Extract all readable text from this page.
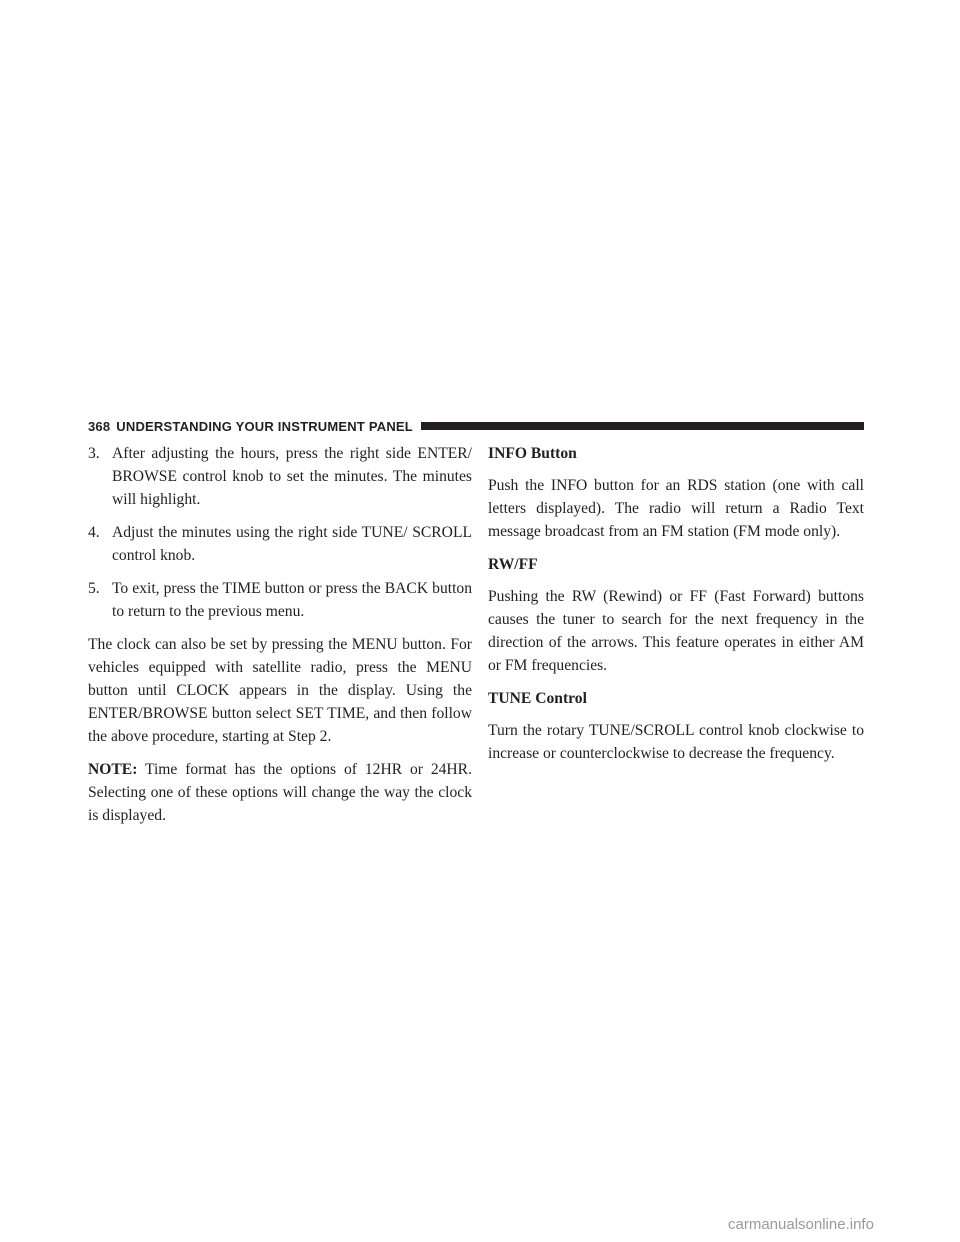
368 UNDERSTANDING YOUR INSTRUMENT PANEL
3. After adjusting the hours, press the right side ENTER/ BROWSE control knob to set the minutes. The minutes will highlight.
4. Adjust the minutes using the right side TUNE/ SCROLL control knob.
5. To exit, press the TIME button or press the BACK button to return to the previous menu.

The clock can also be set by pressing the MENU button. For vehicles equipped with satellite radio, press the MENU button until CLOCK appears in the display. Using the ENTER/BROWSE button select SET TIME, and then follow the above procedure, starting at Step 2.

NOTE: Time format has the options of 12HR or 24HR. Selecting one of these options will change the way the clock is displayed.

INFO Button

Push the INFO button for an RDS station (one with call letters displayed). The radio will return a Radio Text message broadcast from an FM station (FM mode only).

RW/FF

Pushing the RW (Rewind) or FF (Fast Forward) buttons causes the tuner to search for the next frequency in the direction of the arrows. This feature operates in either AM or FM frequencies.

TUNE Control

Turn the rotary TUNE/SCROLL control knob clockwise to increase or counterclockwise to decrease the frequency.

carmanualsonline.info
